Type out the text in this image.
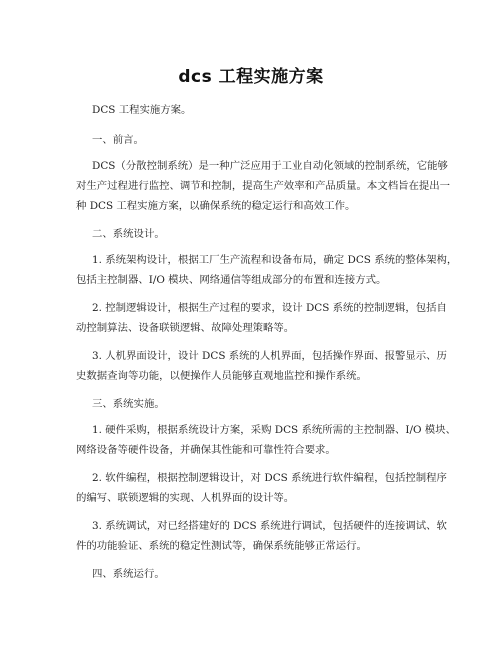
dcs 工程实施方案
DCS 工程实施方案。
一、前言。
DCS（分散控制系统）是一种广泛应用于工业自动化领域的控制系统，它能够
对生产过程进行监控、调节和控制，提高生产效率和产品质量。本文档旨在提出一
种 DCS 工程实施方案，以确保系统的稳定运行和高效工作。
二、系统设计。
1. 系统架构设计，根据工厂生产流程和设备布局，确定 DCS 系统的整体架构，
包括主控制器、I/O 模块、网络通信等组成部分的布置和连接方式。
2. 控制逻辑设计，根据生产过程的要求，设计 DCS 系统的控制逻辑，包括自
动控制算法、设备联锁逻辑、故障处理策略等。
3. 人机界面设计，设计 DCS 系统的人机界面，包括操作界面、报警显示、历
史数据查询等功能，以便操作人员能够直观地监控和操作系统。
三、系统实施。
1. 硬件采购，根据系统设计方案，采购 DCS 系统所需的主控制器、I/O 模块、
网络设备等硬件设备，并确保其性能和可靠性符合要求。
2. 软件编程，根据控制逻辑设计，对 DCS 系统进行软件编程，包括控制程序
的编写、联锁逻辑的实现、人机界面的设计等。
3. 系统调试，对已经搭建好的 DCS 系统进行调试，包括硬件的连接调试、软
件的功能验证、系统的稳定性测试等，确保系统能够正常运行。
四、系统运行。
